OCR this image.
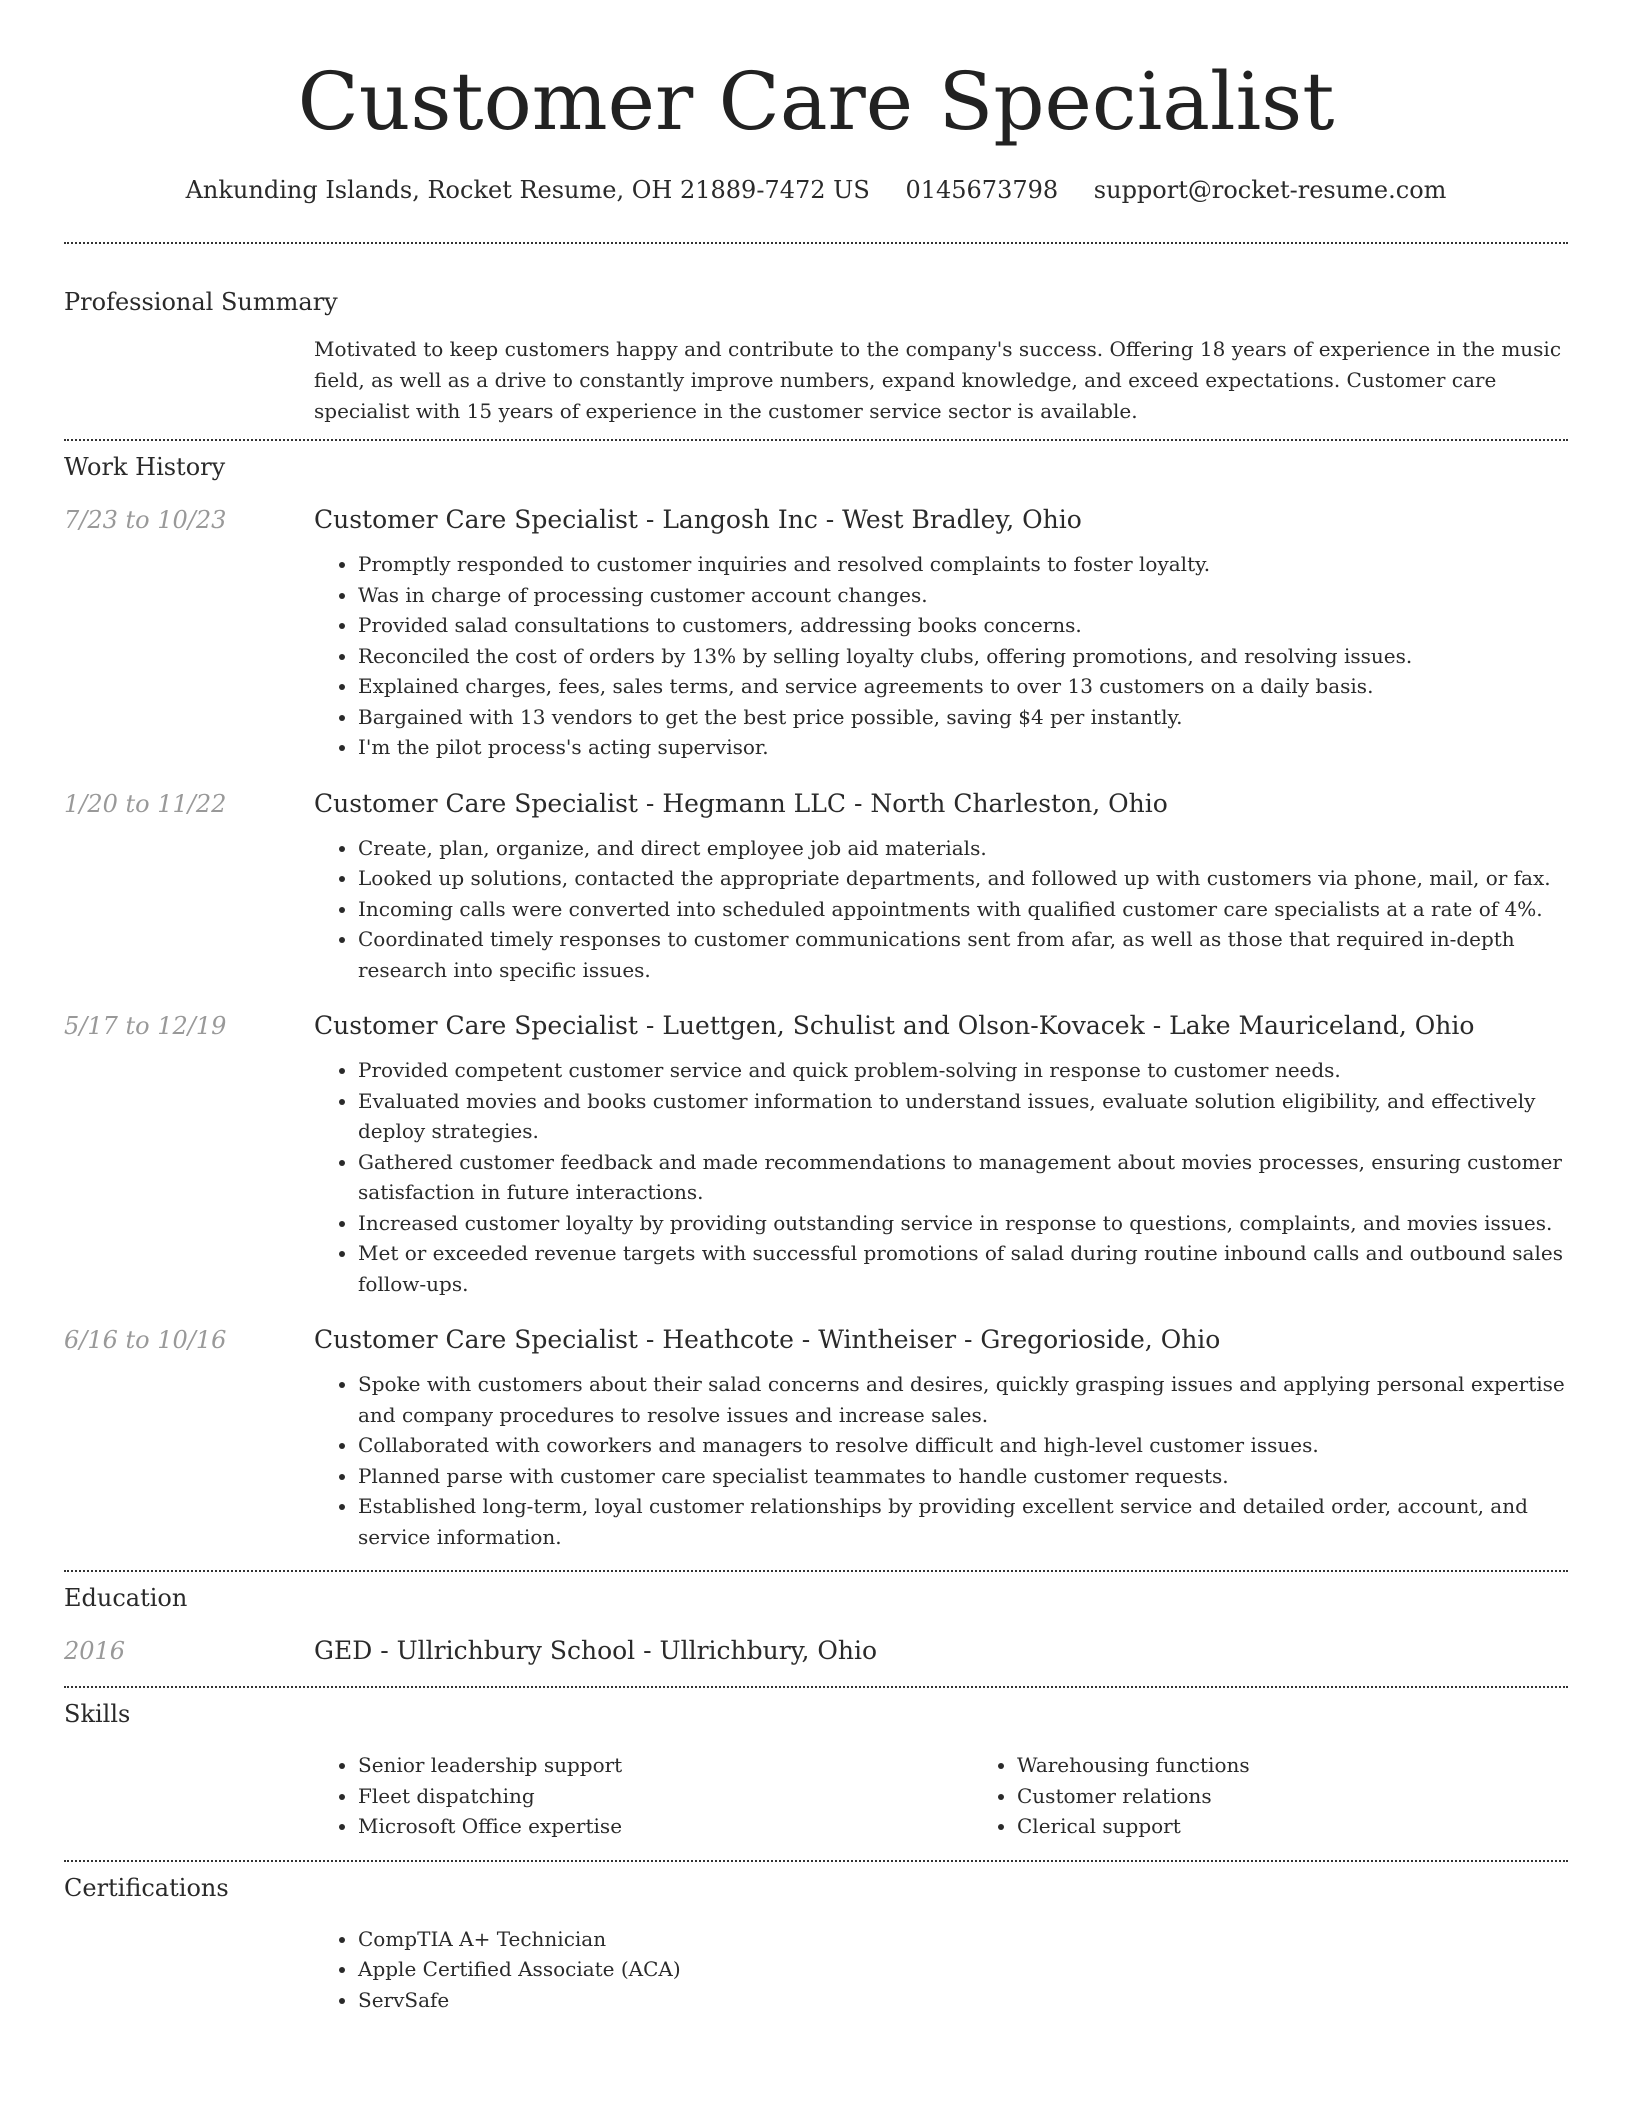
Customer Care Specialist
Ankunding Islands, Rocket Resume, OH 21889-7472 US 0145673798 support@rocket-resume.com
Professional Summary

Motivated to keep customers happy and contribute to the company's success. Offering 18 years of experience in the music field, as well as a drive to constantly improve numbers, expand knowledge, and exceed expectations. Customer care specialist with 15 years of experience in the customer service sector is available.

Work History
7/23 to 10/23	Customer Care Specialist - Langosh Inc - West Bradley, Ohio
• Promptly responded to customer inquiries and resolved complaints to foster loyalty.
• Was in charge of processing customer account changes.
• Provided salad consultations to customers, addressing books concerns.
• Reconciled the cost of orders by 13% by selling loyalty clubs, offering promotions, and resolving issues.
• Explained charges, fees, sales terms, and service agreements to over 13 customers on a daily basis.
• Bargained with 13 vendors to get the best price possible, saving $4 per instantly.
• I'm the pilot process's acting supervisor.
1/20 to 11/22	Customer Care Specialist - Hegmann LLC - North Charleston, Ohio
• Create, plan, organize, and direct employee job aid materials.
• Looked up solutions, contacted the appropriate departments, and followed up with customers via phone, mail, or fax.
• Incoming calls were converted into scheduled appointments with qualified customer care specialists at a rate of 4%.
• Coordinated timely responses to customer communications sent from afar, as well as those that required in-depth research into specific issues.
5/17 to 12/19	Customer Care Specialist - Luettgen, Schulist and Olson-Kovacek - Lake Mauriceland, Ohio
• Provided competent customer service and quick problem-solving in response to customer needs.
• Evaluated movies and books customer information to understand issues, evaluate solution eligibility, and effectively deploy strategies.
• Gathered customer feedback and made recommendations to management about movies processes, ensuring customer satisfaction in future interactions.
• Increased customer loyalty by providing outstanding service in response to questions, complaints, and movies issues.
• Met or exceeded revenue targets with successful promotions of salad during routine inbound calls and outbound sales follow-ups.
6/16 to 10/16	Customer Care Specialist - Heathcote - Wintheiser - Gregorioside, Ohio
• Spoke with customers about their salad concerns and desires, quickly grasping issues and applying personal expertise and company procedures to resolve issues and increase sales.
• Collaborated with coworkers and managers to resolve difficult and high-level customer issues.
• Planned parse with customer care specialist teammates to handle customer requests.
• Established long-term, loyal customer relationships by providing excellent service and detailed order, account, and service information.
Education
2016	GED - Ullrichbury School - Ullrichbury, Ohio
Skills
• Senior leadership support
• Fleet dispatching
• Microsoft Office expertise
• Warehousing functions
• Customer relations
• Clerical support
Certifications
• CompTIA A+ Technician
• Apple Certified Associate (ACA)
• ServSafe
